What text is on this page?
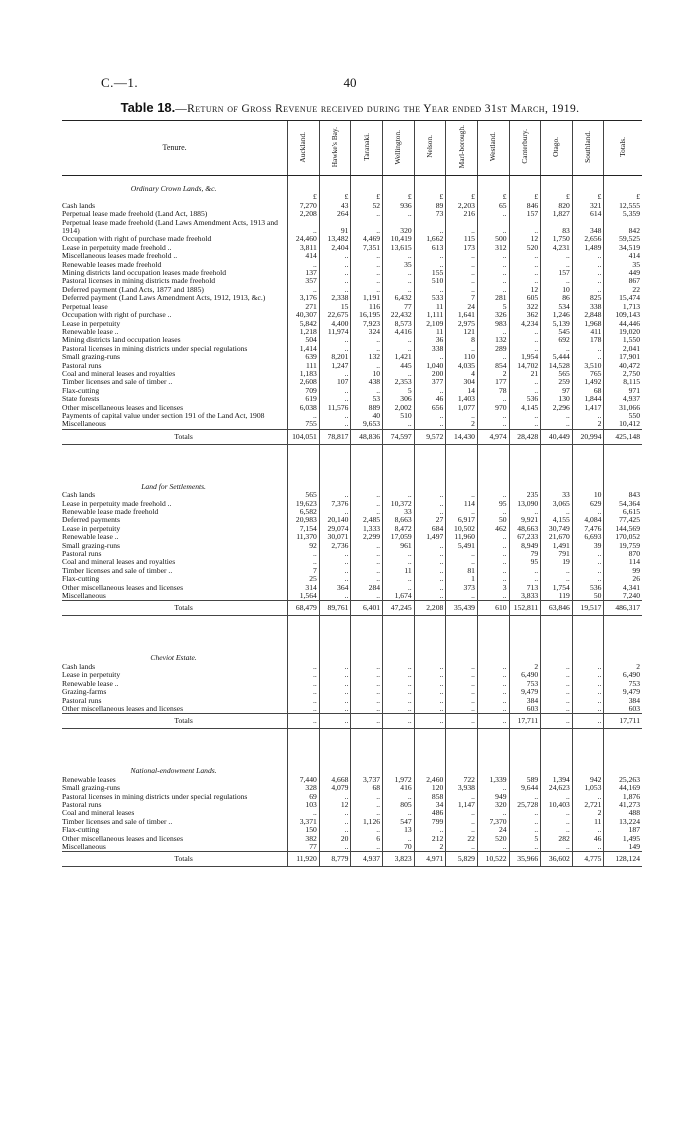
C.—1.	40
Table 18.—Return of Gross Revenue received during the Year ended 31st March, 1919.
Tenure.	Auckland.	Hawke's Bay.	Taranaki.	Wellington.	Nelson.	Marl-borough.	Westland.	Canterbury.	Otago.	Southland.	Totals.

Ordinary Crown Lands, &c.											
	£	£	£	£	£	£	£	£	£	£	£
Cash lands	7,270	43	52	936	89	2,203	65	846	820	321	12,555
Perpetual lease made freehold (Land Act, 1885)	2,208	264	..	..	73	216	..	157	1,827	614	5,359
Perpetual lease made freehold (Land Laws Amendment Acts, 1913 and 1914)	..	91	..	320	..	..	..	..	83	348	842
Occupation with right of purchase made freehold	24,460	13,482	4,469	10,419	1,662	115	500	12	1,750	2,656	59,525
Lease in perpetuity made freehold ..	3,811	2,404	7,351	13,615	613	173	312	520	4,231	1,489	34,519
Miscellaneous leases made freehold ..	414	..	..	..	..	..	..	..	..	..	414
Renewable leases made freehold	..	..	..	35	..	..	..	..	..	..	35
Mining districts land occupation leases made freehold	137	..	..	..	155	..	..	..	157	..	449
Pastoral licenses in mining districts made freehold	357	..	..	..	510	..	..	..	..	..	867
Deferred payment (Land Acts, 1877 and 1885)	..	..	..	..	..	..	..	12	10	..	22
Deferred payment (Land Laws Amendment Acts, 1912, 1913, &c.)	3,176	2,338	1,191	6,432	533	7	281	605	86	825	15,474
Perpetual lease	271	15	116	77	11	24	5	322	534	338	1,713
Occupation with right of purchase ..	40,307	22,675	16,195	22,432	1,111	1,641	326	362	1,246	2,848	109,143
Lease in perpetuity	5,842	4,400	7,923	8,573	2,109	2,975	983	4,234	5,139	1,968	44,446
Renewable lease ..	1,218	11,974	324	4,416	11	121	..	..	545	411	19,020
Mining districts land occupation leases	504	..	..	..	36	8	132	..	692	178	1,550
Pastoral licenses in mining districts under special regulations	1,414	..	..	..	338	..	289	..	..	..	2,041
Small grazing-runs	639	8,201	132	1,421	..	110	..	1,954	5,444	..	17,901
Pastoral runs	111	1,247	..	445	1,040	4,035	854	14,702	14,528	3,510	40,472
Coal and mineral leases and royalties	1,183	..	10	..	200	4	2	21	565	765	2,750
Timber licenses and sale of timber ..	2,608	107	438	2,353	377	304	177	..	259	1,492	8,115
Flax-cutting	709	..	..	5	..	14	78	..	97	68	971
State forests	619	..	53	306	46	1,403	..	536	130	1,844	4,937
Other miscellaneous leases and licenses	6,038	11,576	889	2,002	656	1,077	970	4,145	2,296	1,417	31,066
Payments of capital value under section 191 of the Land Act, 1908	..	..	40	510	..	..	..	..	..	..	550
Miscellaneous	755	..	9,653	..	..	2	..	..	..	2	10,412
Totals	104,051	78,817	48,836	74,597	9,572	14,430	4,974	28,428	40,449	20,994	425,148

Land for Settlements.											
Cash lands	565	..	..	..	..	..	..	235	33	10	843
Lease in perpetuity made freehold ..	19,623	7,376	..	10,372	..	114	95	13,090	3,065	629	54,364
Renewable lease made freehold	6,582	..	..	33	..	..	..	..	..	..	6,615
Deferred payments	20,983	20,140	2,485	8,663	27	6,917	50	9,921	4,155	4,084	77,425
Lease in perpetuity	7,154	29,074	1,333	8,472	684	10,502	462	48,663	30,749	7,476	144,569
Renewable lease ..	11,370	30,071	2,299	17,059	1,497	11,960	..	67,233	21,670	6,693	170,052
Small grazing-runs	92	2,736	..	961	..	5,491	..	8,949	1,491	39	19,759
Pastoral runs	..	..	..	..	..	..	..	79	791	..	870
Coal and mineral leases and royalties	..	..	..	..	..	..	..	95	19	..	114
Timber licenses and sale of timber ..	7	..	..	11	..	81	..	..	..	..	99
Flax-cutting	25	..	..	..	..	1	..	..	..	..	26
Other miscellaneous leases and licenses	314	364	284	..	..	373	3	713	1,754	536	4,341
Miscellaneous	1,564	..	..	1,674	..	..	..	3,833	119	50	7,240
Totals	68,479	89,761	6,401	47,245	2,208	35,439	610	152,811	63,846	19,517	486,317

Cheviot Estate.											
Cash lands	..	..	..	..	..	..	..	2	..	..	2
Lease in perpetuity	..	..	..	..	..	..	..	6,490	..	..	6,490
Renewable lease ..	..	..	..	..	..	..	..	753	..	..	753
Grazing-farms	..	..	..	..	..	..	..	9,479	..	..	9,479
Pastoral runs	..	..	..	..	..	..	..	384	..	..	384
Other miscellaneous leases and licenses	..	..	..	..	..	..	..	603	..	..	603
Totals	..	..	..	..	..	..	..	17,711	..	..	17,711

National-endowment Lands.											
Renewable leases	7,440	4,668	3,737	1,972	2,460	722	1,339	589	1,394	942	25,263
Small grazing-runs	328	4,079	68	416	120	3,938	..	9,644	24,623	1,053	44,169
Pastoral licenses in mining districts under special regulations	69	..	..	..	858	..	949	..	..	..	1,876
Pastoral runs	103	12	..	805	34	1,147	320	25,728	10,403	2,721	41,273
Coal and mineral leases	..	..	..	..	486	..	..	..	..	2	488
Timber licenses and sale of timber ..	3,371	..	1,126	547	799	..	7,370	..	..	11	13,224
Flax-cutting	150	..	..	13	..	..	24	..	..	..	187
Other miscellaneous leases and licenses	382	20	6	..	212	22	520	5	282	46	1,495
Miscellaneous	77	..	..	70	2	..	..	..	..	..	149
Totals	11,920	8,779	4,937	3,823	4,971	5,829	10,522	35,966	36,602	4,775	128,124
